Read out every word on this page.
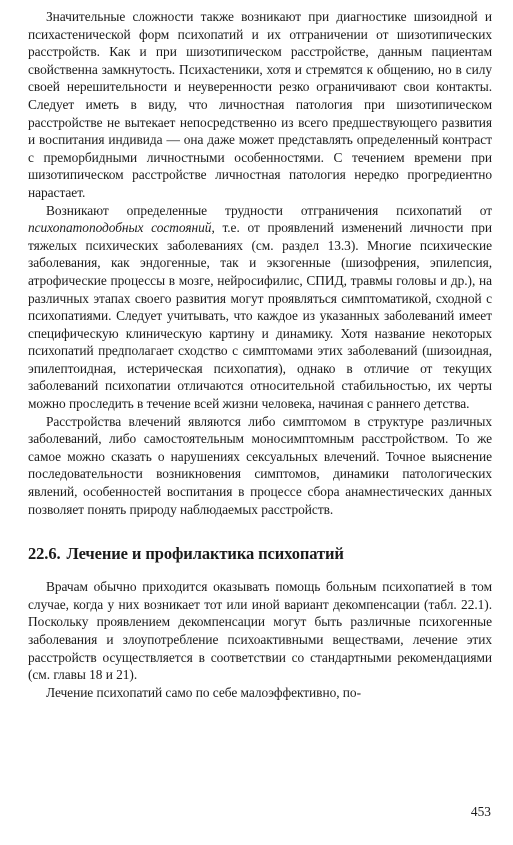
Значительные сложности также возникают при диагностике шизоидной и психастенической форм психопатий и их отграничении от шизотипических расстройств. Как и при шизотипическом расстройстве, данным пациентам свойственна замкнутость. Психастеники, хотя и стремятся к общению, но в силу своей нерешительности и неуверенности резко ограничивают свои контакты. Следует иметь в виду, что личностная патология при шизотипическом расстройстве не вытекает непосредственно из всего предшествующего развития и воспитания индивида — она даже может представлять определенный контраст с преморбидными личностными особенностями. С течением времени при шизотипическом расстройстве личностная патология нередко прогредиентно нарастает.

Возникают определенные трудности отграничения психопатий от психопатоподобных состояний, т.е. от проявлений изменений личности при тяжелых психических заболеваниях (см. раздел 13.3). Многие психические заболевания, как эндогенные, так и экзогенные (шизофрения, эпилепсия, атрофические процессы в мозге, нейросифилис, СПИД, травмы головы и др.), на различных этапах своего развития могут проявляться симптоматикой, сходной с психопатиями. Следует учитывать, что каждое из указанных заболеваний имеет специфическую клиническую картину и динамику. Хотя название некоторых психопатий предполагает сходство с симптомами этих заболеваний (шизоидная, эпилептоидная, истерическая психопатия), однако в отличие от текущих заболеваний психопатии отличаются относительной стабильностью, их черты можно проследить в течение всей жизни человека, начиная с раннего детства.

Расстройства влечений являются либо симптомом в структуре различных заболеваний, либо самостоятельным моносимптомным расстройством. То же самое можно сказать о нарушениях сексуальных влечений. Точное выяснение последовательности возникновения симптомов, динамики патологических явлений, особенностей воспитания в процессе сбора анамнестических данных позволяет понять природу наблюдаемых расстройств.

22.6. Лечение и профилактика психопатий

Врачам обычно приходится оказывать помощь больным психопатией в том случае, когда у них возникает тот или иной вариант декомпенсации (табл. 22.1). Поскольку проявлением декомпенсации могут быть различные психогенные заболевания и злоупотребление психоактивными веществами, лечение этих расстройств осуществляется в соответствии со стандартными рекомендациями (см. главы 18 и 21).

Лечение психопатий само по себе малоэффективно, по-

453
